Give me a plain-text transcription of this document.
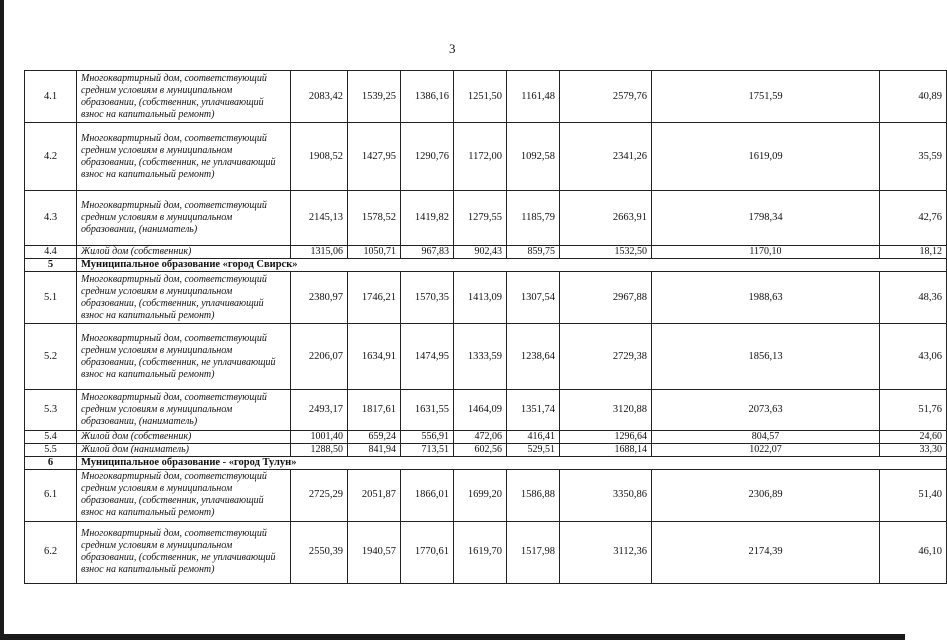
3
4.1	Многоквартирный дом, соответствующий средним условиям в муниципальном образовании, (собственник, уплачивающий взнос на капитальный ремонт)	2083,42	1539,25	1386,16	1251,50	1161,48	2579,76	1751,59	40,89
4.2	Многоквартирный дом, соответствующий средним условиям в муниципальном образовании, (собственник, не уплачивающий взнос на капитальный ремонт)	1908,52	1427,95	1290,76	1172,00	1092,58	2341,26	1619,09	35,59
4.3	Многоквартирный дом, соответствующий средним условиям в муниципальном образовании, (наниматель)	2145,13	1578,52	1419,82	1279,55	1185,79	2663,91	1798,34	42,76
4.4	Жилой дом (собственник)	1315,06	1050,71	967,83	902,43	859,75	1532,50	1170,10	18,12
5	Муниципальное образование «город Свирск»								
5.1	Многоквартирный дом, соответствующий средним условиям в муниципальном образовании, (собственник, уплачивающий взнос на капитальный ремонт)	2380,97	1746,21	1570,35	1413,09	1307,54	2967,88	1988,63	48,36
5.2	Многоквартирный дом, соответствующий средним условиям в муниципальном образовании, (собственник, не уплачивающий взнос на капитальный ремонт)	2206,07	1634,91	1474,95	1333,59	1238,64	2729,38	1856,13	43,06
5.3	Многоквартирный дом, соответствующий средним условиям в муниципальном образовании, (наниматель)	2493,17	1817,61	1631,55	1464,09	1351,74	3120,88	2073,63	51,76
5.4	Жилой дом (собственник)	1001,40	659,24	556,91	472,06	416,41	1296,64	804,57	24,60
5.5	Жилой дом (наниматель)	1288,50	841,94	713,51	602,56	529,51	1688,14	1022,07	33,30
6	Муниципальное образование - «город Тулун»								
6.1	Многоквартирный дом, соответствующий средним условиям в муниципальном образовании, (собственник, уплачивающий взнос на капитальный ремонт)	2725,29	2051,87	1866,01	1699,20	1586,88	3350,86	2306,89	51,40
6.2	Многоквартирный дом, соответствующий средним условиям в муниципальном образовании, (собственник, не уплачивающий взнос на капитальный ремонт)	2550,39	1940,57	1770,61	1619,70	1517,98	3112,36	2174,39	46,10
